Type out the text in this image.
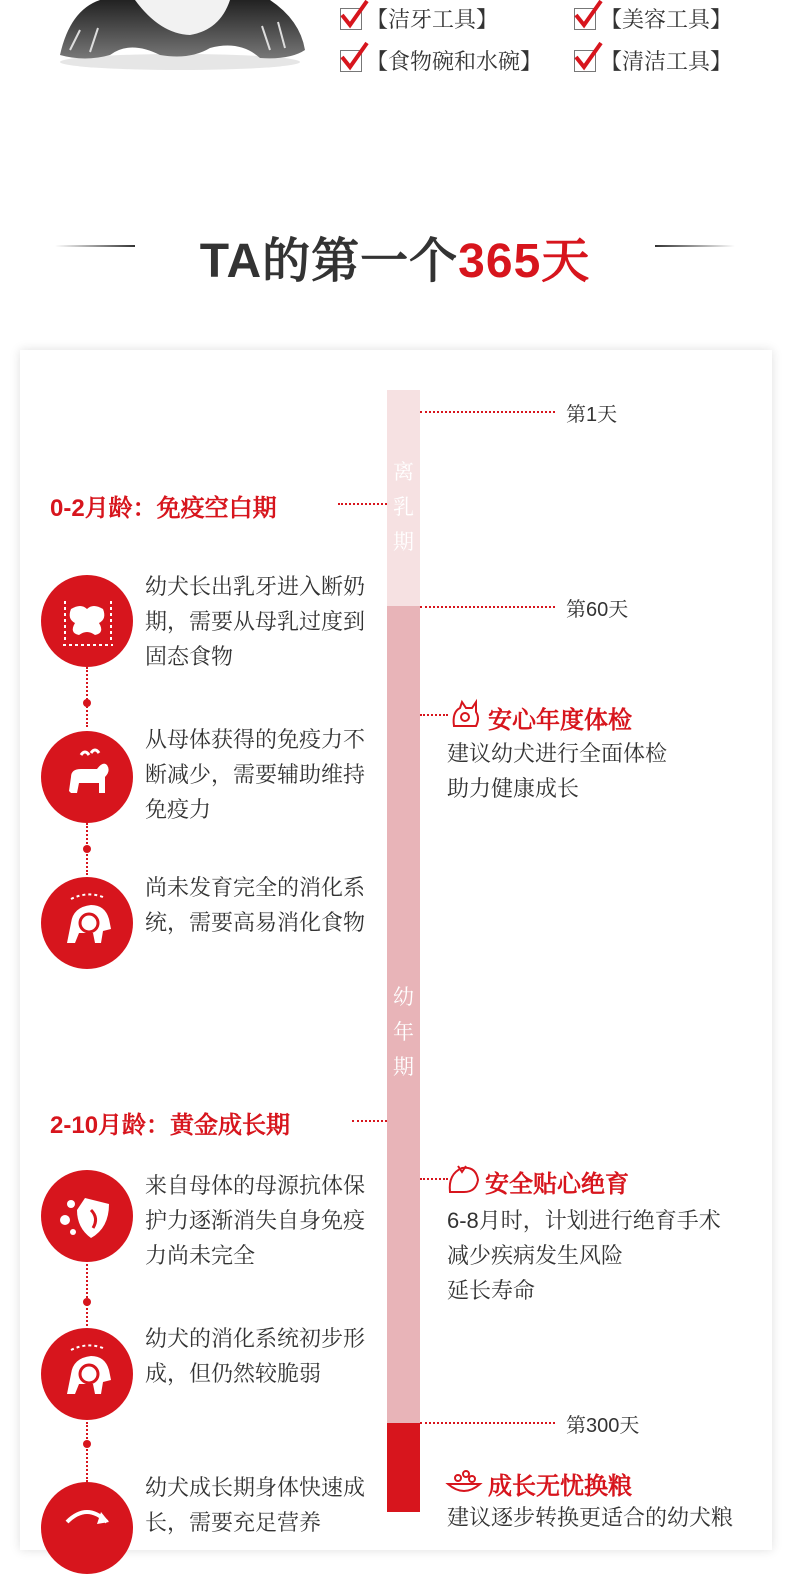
【洁牙工具】	【美容工具】
【食物碗和水碗】	【清洁工具】
TA的第一个365天
离
乳
期
幼
年
期
第1天
第60天
第300天
0-2月龄：免疫空白期
幼犬长出乳牙进入断奶期，需要从母乳过度到固态食物
从母体获得的免疫力不断减少，需要辅助维持免疫力
尚未发育完全的消化系统，需要高易消化食物
2-10月龄：黄金成长期
来自母体的母源抗体保护力逐渐消失自身免疫力尚未完全
幼犬的消化系统初步形成，但仍然较脆弱
幼犬成长期身体快速成长，需要充足营养
安心年度体检
建议幼犬进行全面体检
助力健康成长
安全贴心绝育
6-8月时，计划进行绝育手术
减少疾病发生风险
延长寿命
成长无忧换粮
